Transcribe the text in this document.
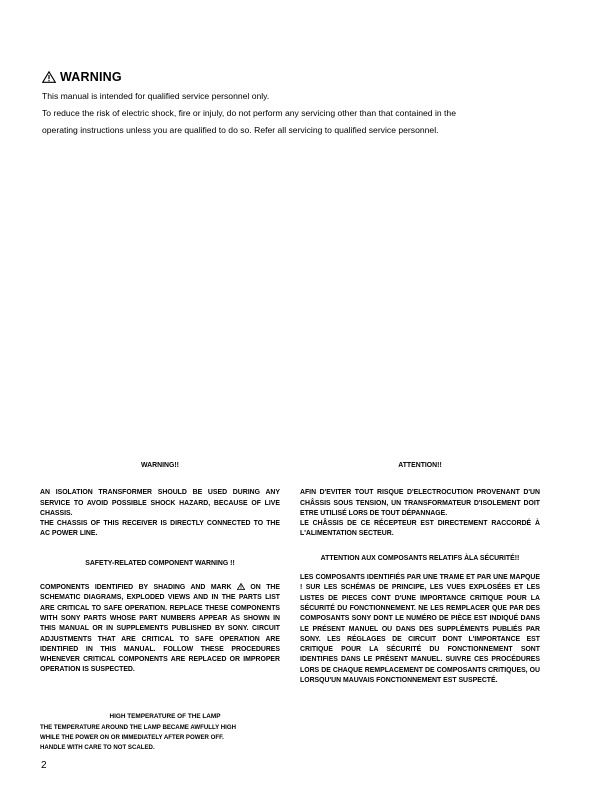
WARNING

This manual is intended for qualified service personnel only.

To reduce the risk of electric shock, fire or injuly, do not perform any servicing other than that contained in the operating instructions unless you are qualified to do so. Refer all servicing to qualified service personnel.

WARNING!!

AN ISOLATION TRANSFORMER SHOULD BE USED DURING ANY SERVICE TO AVOID POSSIBLE SHOCK HAZARD, BECAUSE OF LIVE CHASSIS.

THE CHASSIS OF THIS RECEIVER IS DIRECTLY CONNECTED TO THE AC POWER LINE.

SAFETY-RELATED COMPONENT WARNING !!

COMPONENTS IDENTIFIED BY SHADING AND MARK	ON THE SCHEMATIC DIAGRAMS, EXPLODED VIEWS AND IN THE PARTS LIST ARE CRITICAL TO SAFE OPERATION. REPLACE THESE COMPONENTS WITH SONY PARTS WHOSE PART NUMBERS APPEAR AS SHOWN IN THIS MANUAL OR IN SUPPLEMENTS PUBLISHED BY SONY. CIRCUIT ADJUSTMENTS THAT ARE CRITICAL TO SAFE OPERATION ARE IDENTIFIED IN THIS MANUAL. FOLLOW THESE PROCEDURES WHENEVER CRITICAL COMPONENTS ARE REPLACED OR IMPROPER OPERATION IS SUSPECTED.

ATTENTION!!

AFIN D'EVITER TOUT RISQUE D'ELECTROCUTION PROVENANT D'UN CHÂSSIS SOUS TENSION, UN TRANSFORMATEUR D'ISOLEMENT DOIT ETRE UTILISÉ LORS DE TOUT DÉPANNAGE.

LE CHÂSSIS DE CE RÉCEPTEUR EST DIRECTEMENT RACCORDÉ À L'ALIMENTATION SECTEUR.

ATTENTION AUX COMPOSANTS RELATIFS ÀLA SÉCURITÉ!!

LES COMPOSANTS IDENTIFIÉS PAR UNE TRAME ET PAR UNE MAPQUE ! SUR LES SCHÉMAS DE PRINCIPE, LES VUES EXPLOSÉES ET LES LISTES DE PIECES CONT D'UNE IMPORTANCE CRITIQUE POUR LA SÉCURITÉ DU FONCTIONNEMENT. NE LES REMPLACER QUE PAR DES COMPOSANTS SONY DONT LE NUMÉRO DE PIÈCE EST INDIQUÉ DANS LE PRÉSENT MANUEL OU DANS DES SUPPLÉMENTS PUBLIÉS PAR SONY. LES RÉGLAGES DE CIRCUIT DONT L'IMPORTANCE EST CRITIQUE POUR LA SÉCURITÉ DU FONCTIONNEMENT SONT IDENTIFIES DANS LE PRÉSENT MANUEL. SUIVRE CES PROCÉDURES LORS DE CHAQUE REMPLACEMENT DE COMPOSANTS CRITIQUES, OU LORSQU'UN MAUVAIS FONCTIONNEMENT EST SUSPECTÉ.

HIGH TEMPERATURE OF THE LAMP

THE TEMPERATURE AROUND THE LAMP BECAME AWFULLY HIGH

WHILE THE POWER ON OR IMMEDIATELY AFTER POWER OFF.

HANDLE WITH CARE TO NOT SCALED.

2
